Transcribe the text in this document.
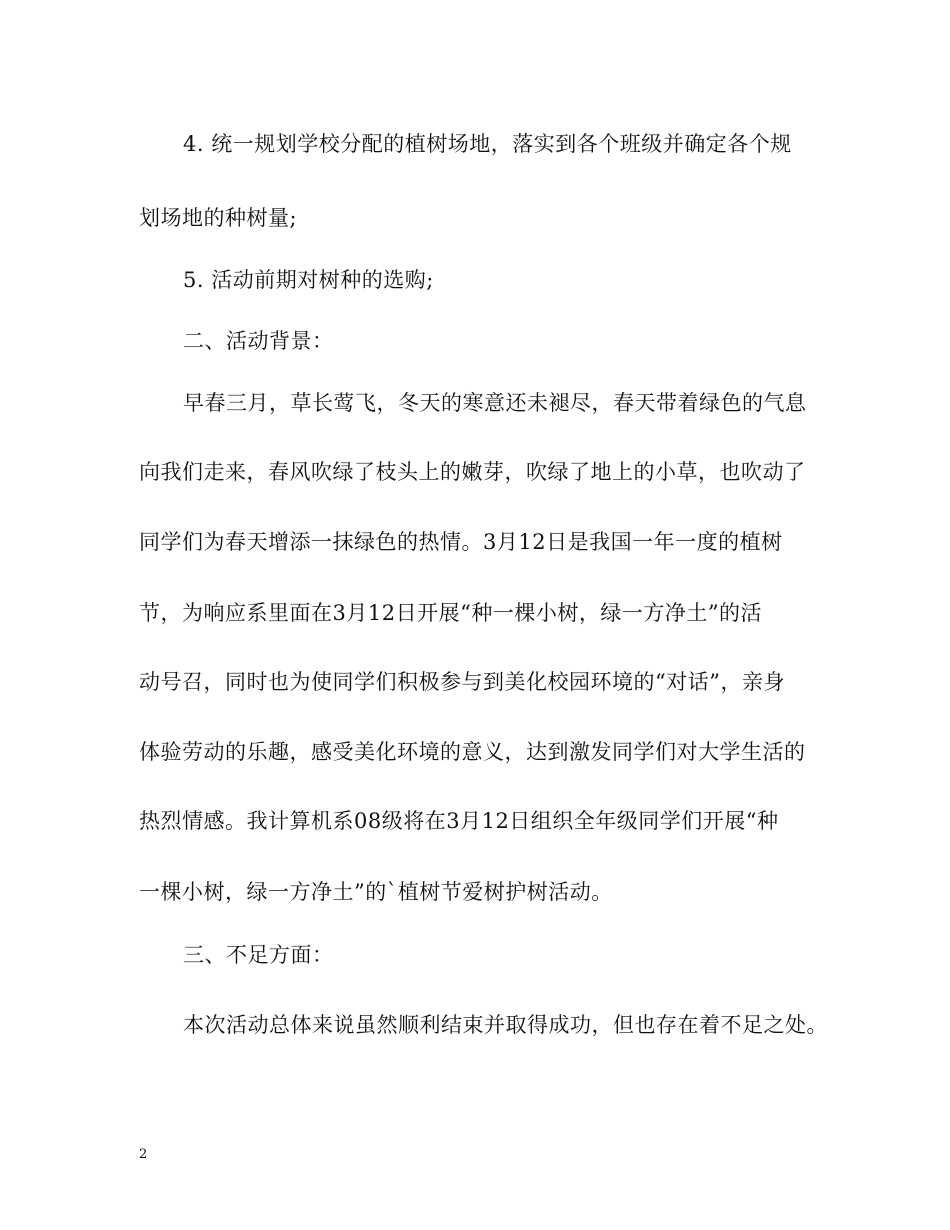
4. 统一规划学校分配的植树场地，落实到各个班级并确定各个规
划场地的种树量;
5. 活动前期对树种的选购;
二、活动背景：
早春三月，草长莺飞，冬天的寒意还未褪尽，春天带着绿色的气息
向我们走来，春风吹绿了枝头上的嫩芽，吹绿了地上的小草，也吹动了
同学们为春天增添一抹绿色的热情。3月12日是我国一年一度的植树
节，为响应系里面在3月12日开展“种一棵小树，绿一方净土”的活
动号召，同时也为使同学们积极参与到美化校园环境的“对话”，亲身
体验劳动的乐趣，感受美化环境的意义，达到激发同学们对大学生活的
热烈情感。我计算机系08级将在3月12日组织全年级同学们开展“种
一棵小树，绿一方净土”的`植树节爱树护树活动。
三、不足方面：
本次活动总体来说虽然顺利结束并取得成功，但也存在着不足之处。
2
